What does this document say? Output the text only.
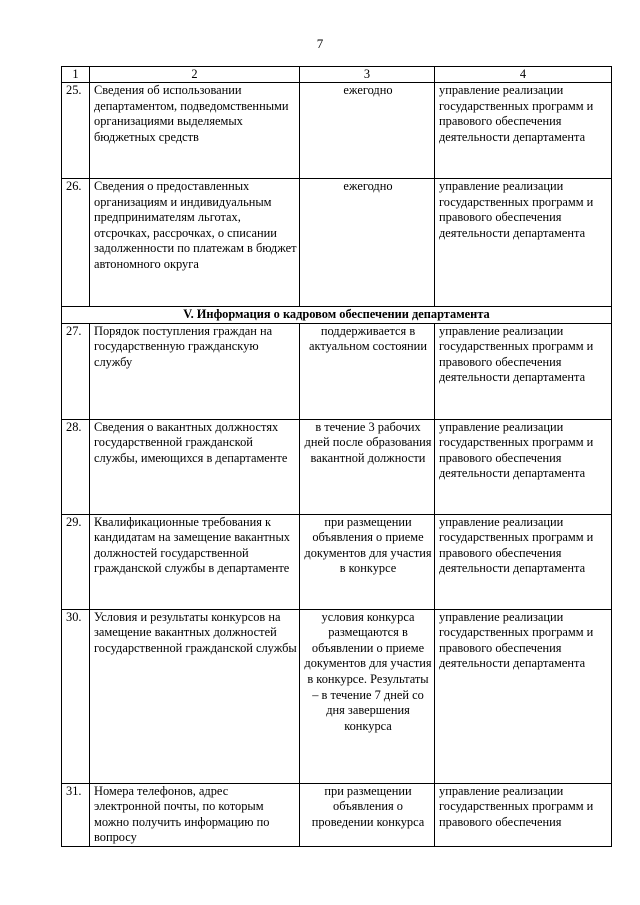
7
1	2	3	4
25.	Сведения об использовании департаментом, подведомственными организациями выделяемых бюджетных средств	ежегодно	управление реализации государственных программ и правового обеспечения деятельности департамента
26.	Сведения о предоставленных организациям и индивидуальным предпринимателям льготах, отсрочках, рассрочках, о списании задолженности по платежам в бюджет автономного округа	ежегодно	управление реализации государственных программ и правового обеспечения деятельности департамента
V. Информация о кадровом обеспечении департамента			
27.	Порядок поступления граждан на государственную гражданскую службу	поддерживается в актуальном состоянии	управление реализации государственных программ и правового обеспечения деятельности департамента
28.	Сведения о вакантных должностях государственной гражданской службы, имеющихся в департаменте	в течение 3 рабочих дней после образования вакантной должности	управление реализации государственных программ и правового обеспечения деятельности департамента
29.	Квалификационные требования к кандидатам на замещение вакантных должностей государственной гражданской службы в департаменте	при размещении объявления о приеме документов для участия в конкурсе	управление реализации государственных программ и правового обеспечения деятельности департамента
30.	Условия и результаты конкурсов на замещение вакантных должностей государственной гражданской службы	условия конкурса размещаются в объявлении о приеме документов для участия в конкурсе. Результаты – в течение 7 дней со дня завершения конкурса	управление реализации государственных программ и правового обеспечения деятельности департамента
31.	Номера телефонов, адрес электронной почты, по которым можно получить информацию по вопросу	при размещении объявления о проведении конкурса	управление реализации государственных программ и правового обеспечения
